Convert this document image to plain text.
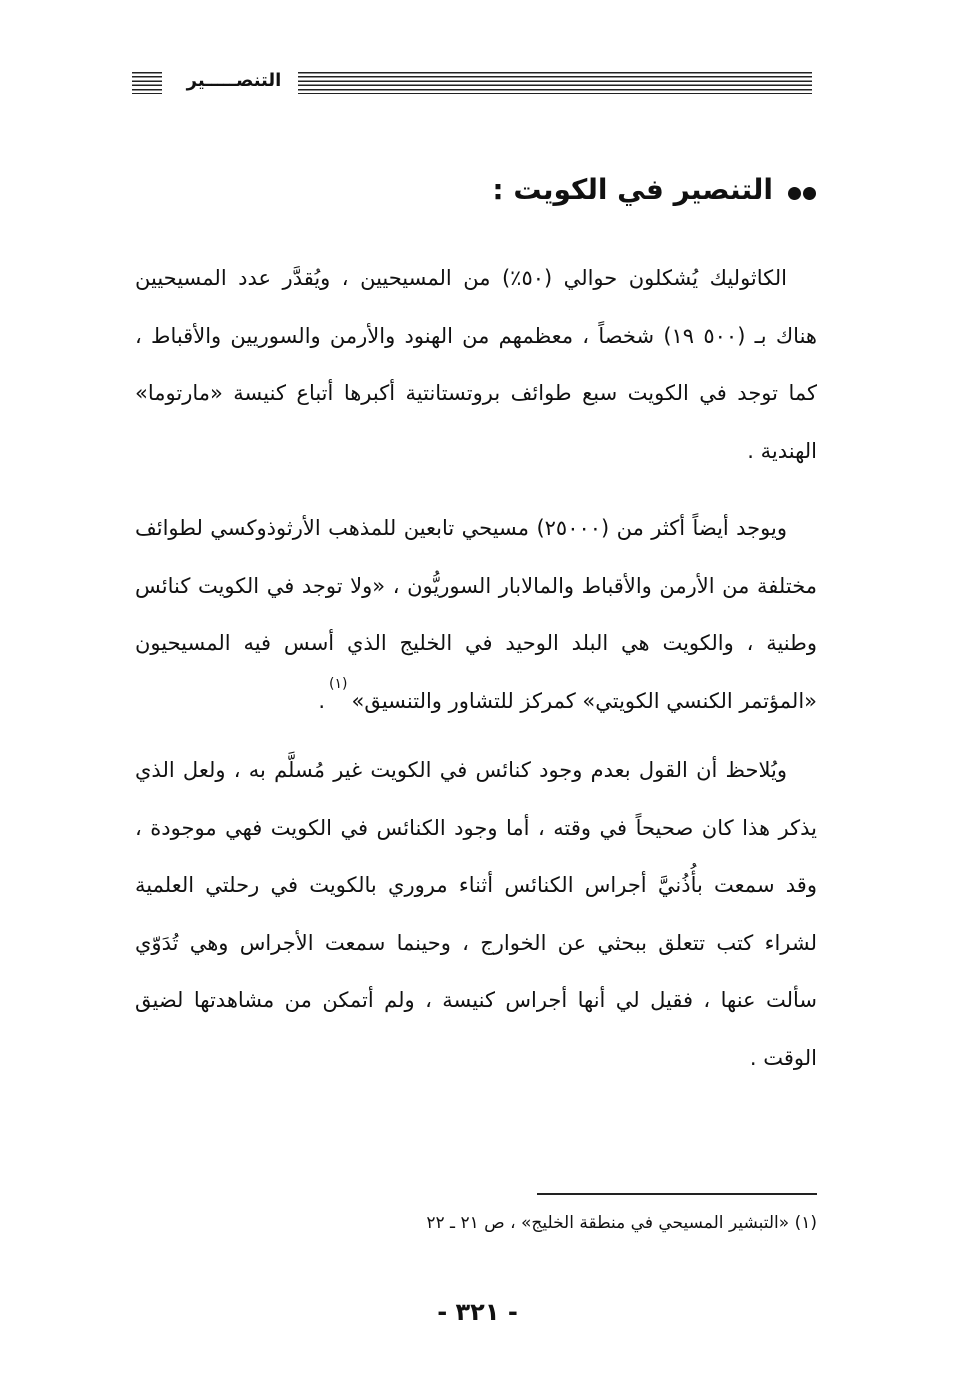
التنصـــــير
التنصير في الكويت :

الكاثوليك يُشكلون حوالي (٥٠٪) من المسيحيين ، ويُقدَّر عدد المسيحيين هناك بـ (٥٠٠ ١٩) شخصاً ، معظمهم من الهنود والأرمن والسوريين والأقباط ، كما توجد في الكويت سبع طوائف بروتستانتية أكبرها أتباع كنيسة «مارتوما» الهندية .

ويوجد أيضاً أكثر من (٢٥٠٠٠) مسيحي تابعين للمذهب الأرثوذوكسي لطوائف مختلفة من الأرمن والأقباط والمالابار السوريُّون ، «ولا توجد في الكويت كنائس وطنية ، والكويت هي البلد الوحيد في الخليج الذي أسس فيه المسيحيون «المؤتمر الكنسي الكويتي» كمركز للتشاور والتنسيق»$^{(١)}$.

ويُلاحظ أن القول بعدم وجود كنائس في الكويت غير مُسلَّم به ، ولعل الذي يذكر هذا كان صحيحاً في وقته ، أما وجود الكنائس في الكويت فهي موجودة ، وقد سمعت بأُذُنيَّ أجراس الكنائس أثناء مروري بالكويت في رحلتي العلمية لشراء كتب تتعلق ببحثي عن الخوارج ، وحينما سمعت الأجراس وهي تُدَوّي سألت عنها ، فقيل لي أنها أجراس كنيسة ، ولم أتمكن من مشاهدتها لضيق الوقت .

(١) «التبشير المسيحي في منطقة الخليج» ، ص ٢١ ـ ٢٢
- ٣٢١ -
